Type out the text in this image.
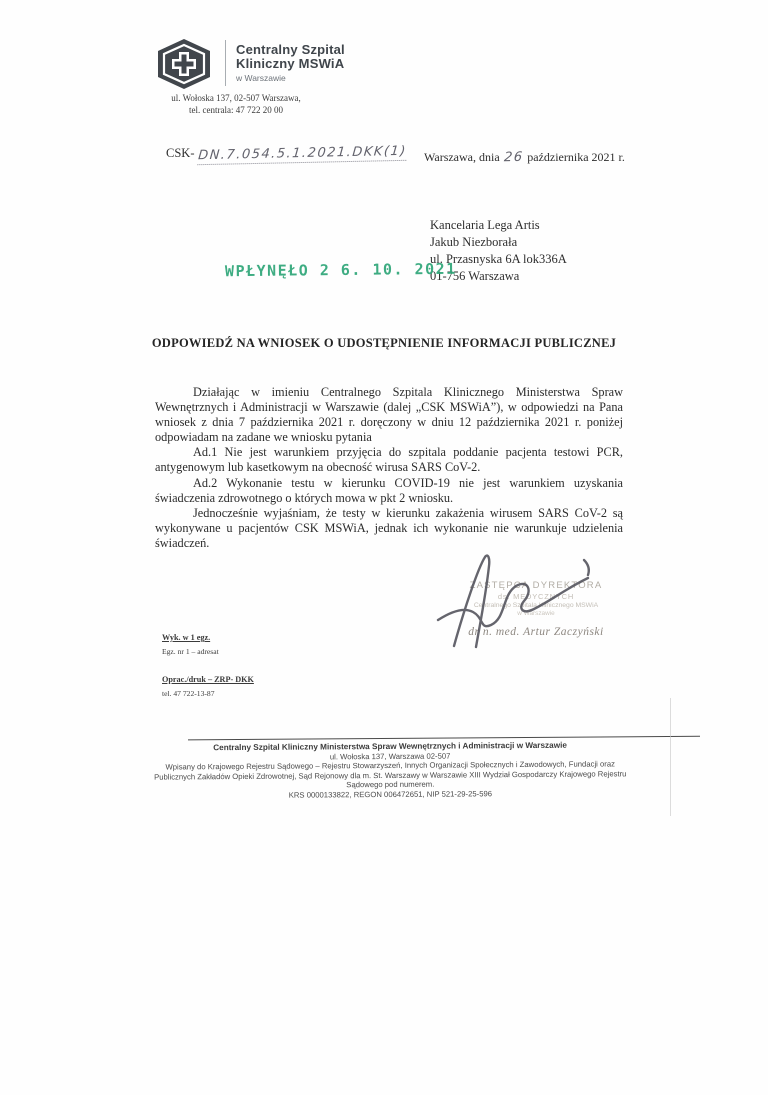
Centralny Szpital
Kliniczny MSWiA
w Warszawie
ul. Wołoska 137, 02-507 Warszawa,
tel. centrala: 47 722 20 00
CSK- DN.7.054.5.1.2021.DKK(1)	Warszawa, dnia 26 października 2021 r.
Kancelaria Lega Artis
Jakub Niezborała
ul. Przasnyska 6A lok336A
01-756 Warszawa
WPŁYNĘŁO 2 6. 10. 2021
ODPOWIEDŹ NA WNIOSEK O UDOSTĘPNIENIE INFORMACJI PUBLICZNEJ

Działając w imieniu Centralnego Szpitala Klinicznego Ministerstwa Spraw Wewnętrznych i Administracji w Warszawie (dalej „CSK MSWiA”), w odpowiedzi na Pana wniosek z dnia 7 października 2021 r. doręczony w dniu 12 października 2021 r. poniżej odpowiadam na zadane we wniosku pytania

Ad.1 Nie jest warunkiem przyjęcia do szpitala poddanie pacjenta testowi PCR, antygenowym lub kasetkowym na obecność wirusa SARS CoV-2.

Ad.2 Wykonanie testu w kierunku COVID-19 nie jest warunkiem uzyskania świadczenia zdrowotnego o których mowa w pkt 2 wniosku.

Jednocześnie wyjaśniam, że testy w kierunku zakażenia wirusem SARS CoV-2 są wykonywane u pacjentów CSK MSWiA, jednak ich wykonanie nie warunkuje udzielenia świadczeń.

ZASTĘPCA DYREKTORA
ds. MEDYCZNYCH
Centralnego Szpitala Klinicznego MSWiA
w Warszawie
dr n. med. Artur Zaczyński
Wyk. w 1 egz.
Egz. nr 1 – adresat
Oprac./druk – ZRP- DKK
tel. 47 722-13-87
Centralny Szpital Kliniczny Ministerstwa Spraw Wewnętrznych i Administracji w Warszawie
ul. Wołoska 137, Warszawa 02-507
Wpisany do Krajowego Rejestru Sądowego – Rejestru Stowarzyszeń, Innych Organizacji Społecznych i Zawodowych, Fundacji oraz Publicznych Zakładów Opieki Zdrowotnej, Sąd Rejonowy dla m. St. Warszawy w Warszawie XIII Wydział Gospodarczy Krajowego Rejestru Sądowego pod numerem.
KRS 0000133822, REGON 006472651, NIP 521-29-25-596
